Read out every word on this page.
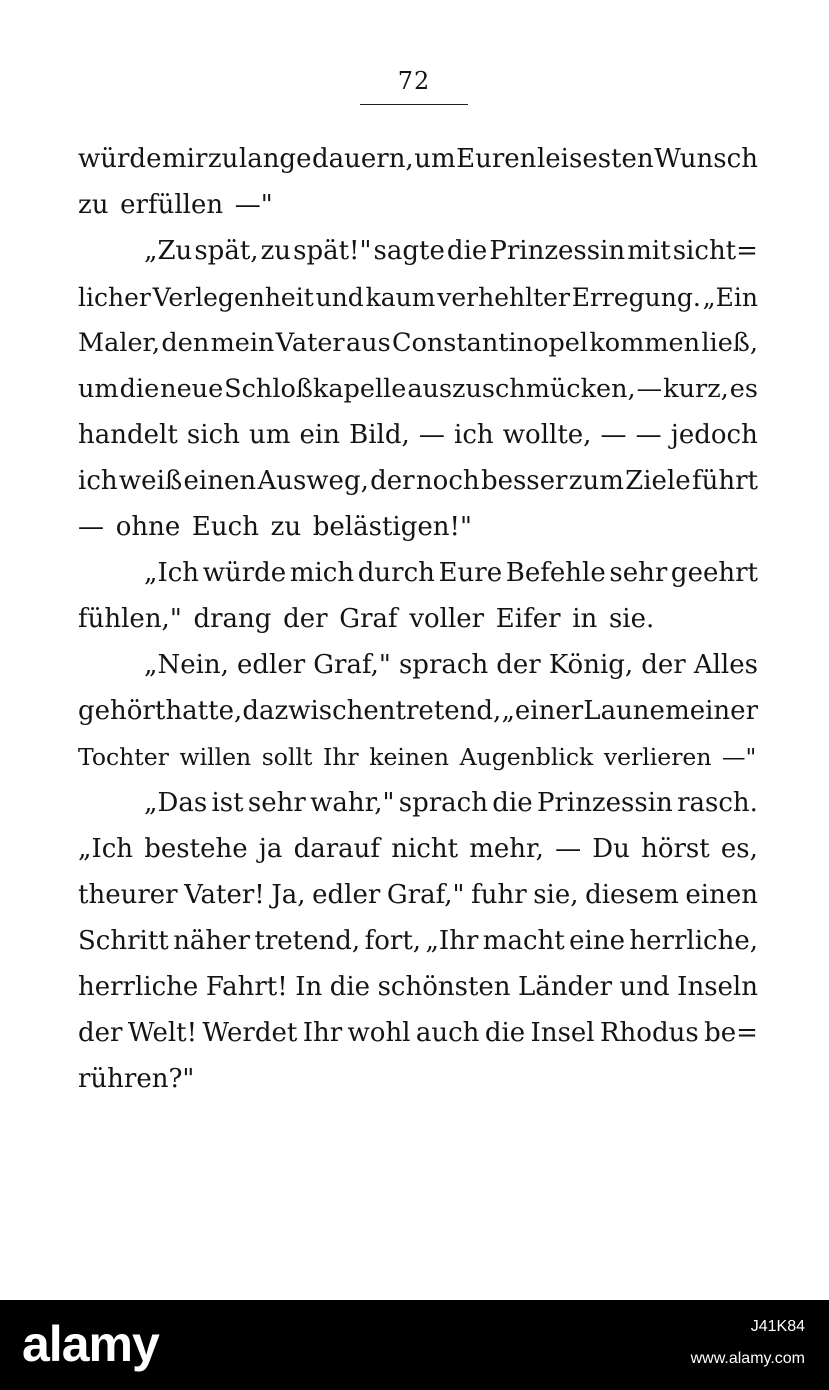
72
würde mir zu lange dauern, um Euren leisesten Wunsch
zu erfüllen —"
„Zu spät, zu spät!" sagte die Prinzessin mit sicht=
licher Verlegenheit und kaum verhehlter Erregung. „Ein
Maler, den mein Vater aus Constantinopel kommen ließ,
um die neue Schloßkapelle auszuschmücken, — kurz, es
handelt sich um ein Bild, — ich wollte, — — jedoch
ich weiß einen Ausweg, der noch besser zum Ziele führt
— ohne Euch zu belästigen!"
„Ich würde mich durch Eure Befehle sehr geehrt
fühlen," drang der Graf voller Eifer in sie.
„Nein, edler Graf," sprach der König, der Alles
gehört hatte, dazwischentretend, „einer Laune meiner
Tochter willen sollt Ihr keinen Augenblick verlieren —"
„Das ist sehr wahr," sprach die Prinzessin rasch.
„Ich bestehe ja darauf nicht mehr, — Du hörst es,
theurer Vater! Ja, edler Graf," fuhr sie, diesem einen
Schritt näher tretend, fort, „Ihr macht eine herrliche,
herrliche Fahrt! In die schönsten Länder und Inseln
der Welt! Werdet Ihr wohl auch die Insel Rhodus be=
rühren?"
alamy	J41K84
www.alamy.com
